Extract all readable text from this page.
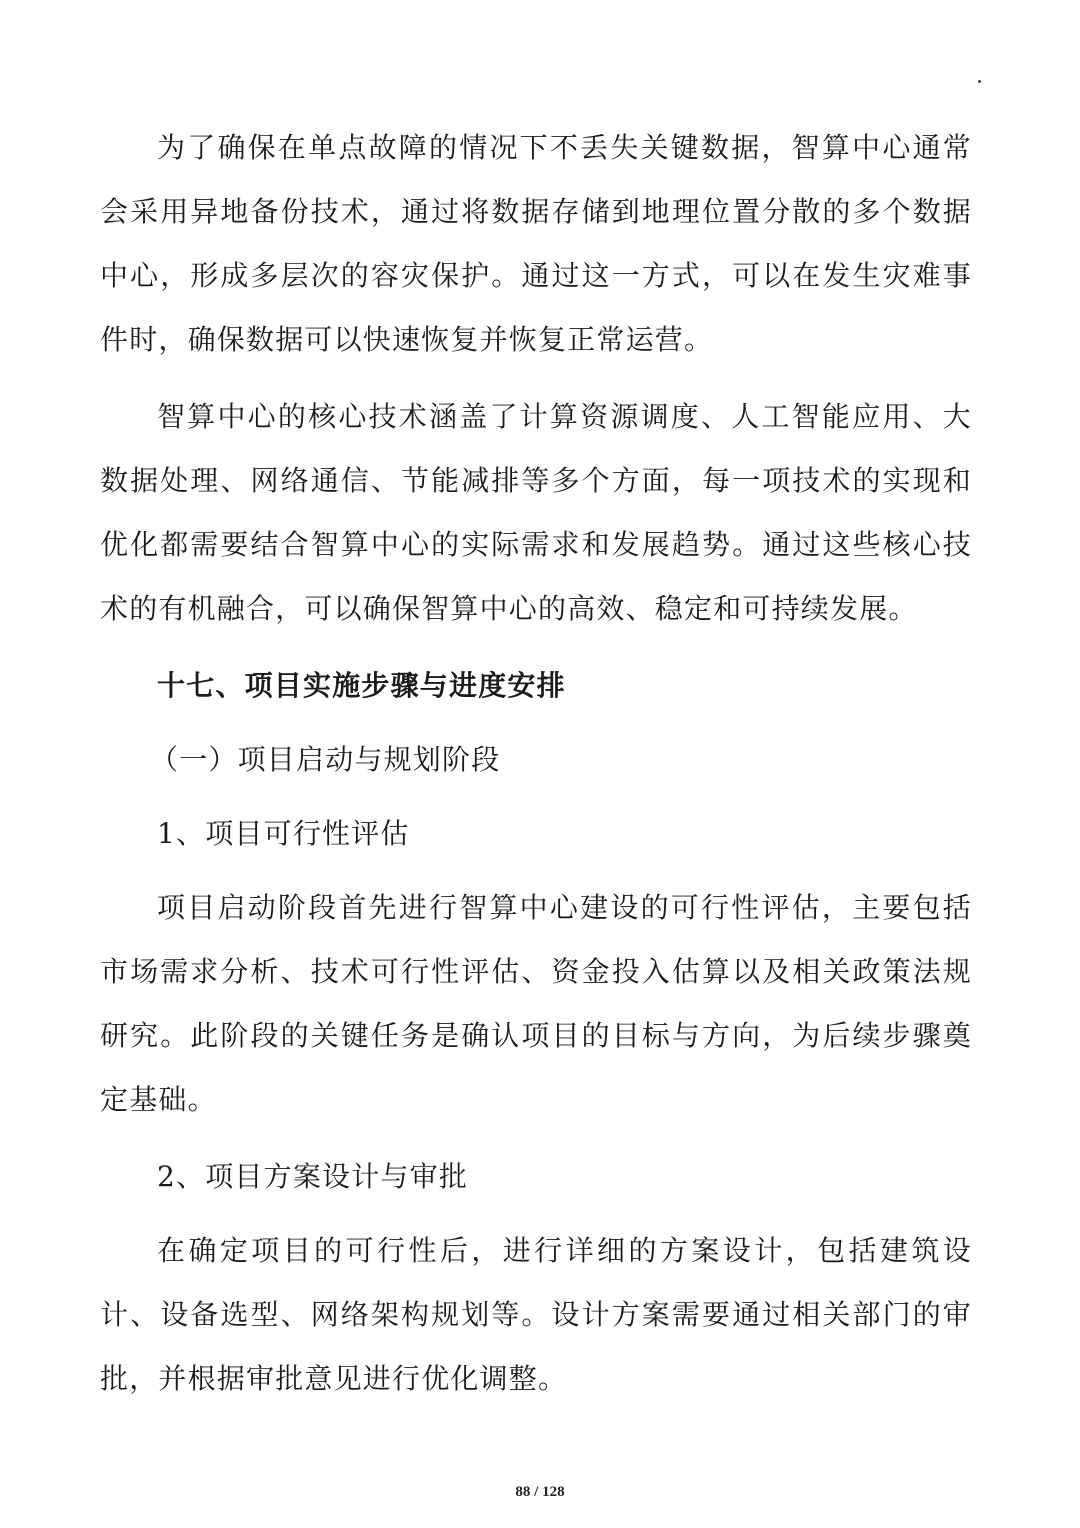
为了确保在单点故障的情况下不丢失关键数据，智算中心通常会采用异地备份技术，通过将数据存储到地理位置分散的多个数据中心，形成多层次的容灾保护。通过这一方式，可以在发生灾难事件时，确保数据可以快速恢复并恢复正常运营。

智算中心的核心技术涵盖了计算资源调度、人工智能应用、大数据处理、网络通信、节能减排等多个方面，每一项技术的实现和优化都需要结合智算中心的实际需求和发展趋势。通过这些核心技术的有机融合，可以确保智算中心的高效、稳定和可持续发展。

十七、项目实施步骤与进度安排

（一）项目启动与规划阶段

1、项目可行性评估

项目启动阶段首先进行智算中心建设的可行性评估，主要包括市场需求分析、技术可行性评估、资金投入估算以及相关政策法规研究。此阶段的关键任务是确认项目的目标与方向，为后续步骤奠定基础。

2、项目方案设计与审批

在确定项目的可行性后，进行详细的方案设计，包括建筑设计、设备选型、网络架构规划等。设计方案需要通过相关部门的审批，并根据审批意见进行优化调整。

88 / 128
